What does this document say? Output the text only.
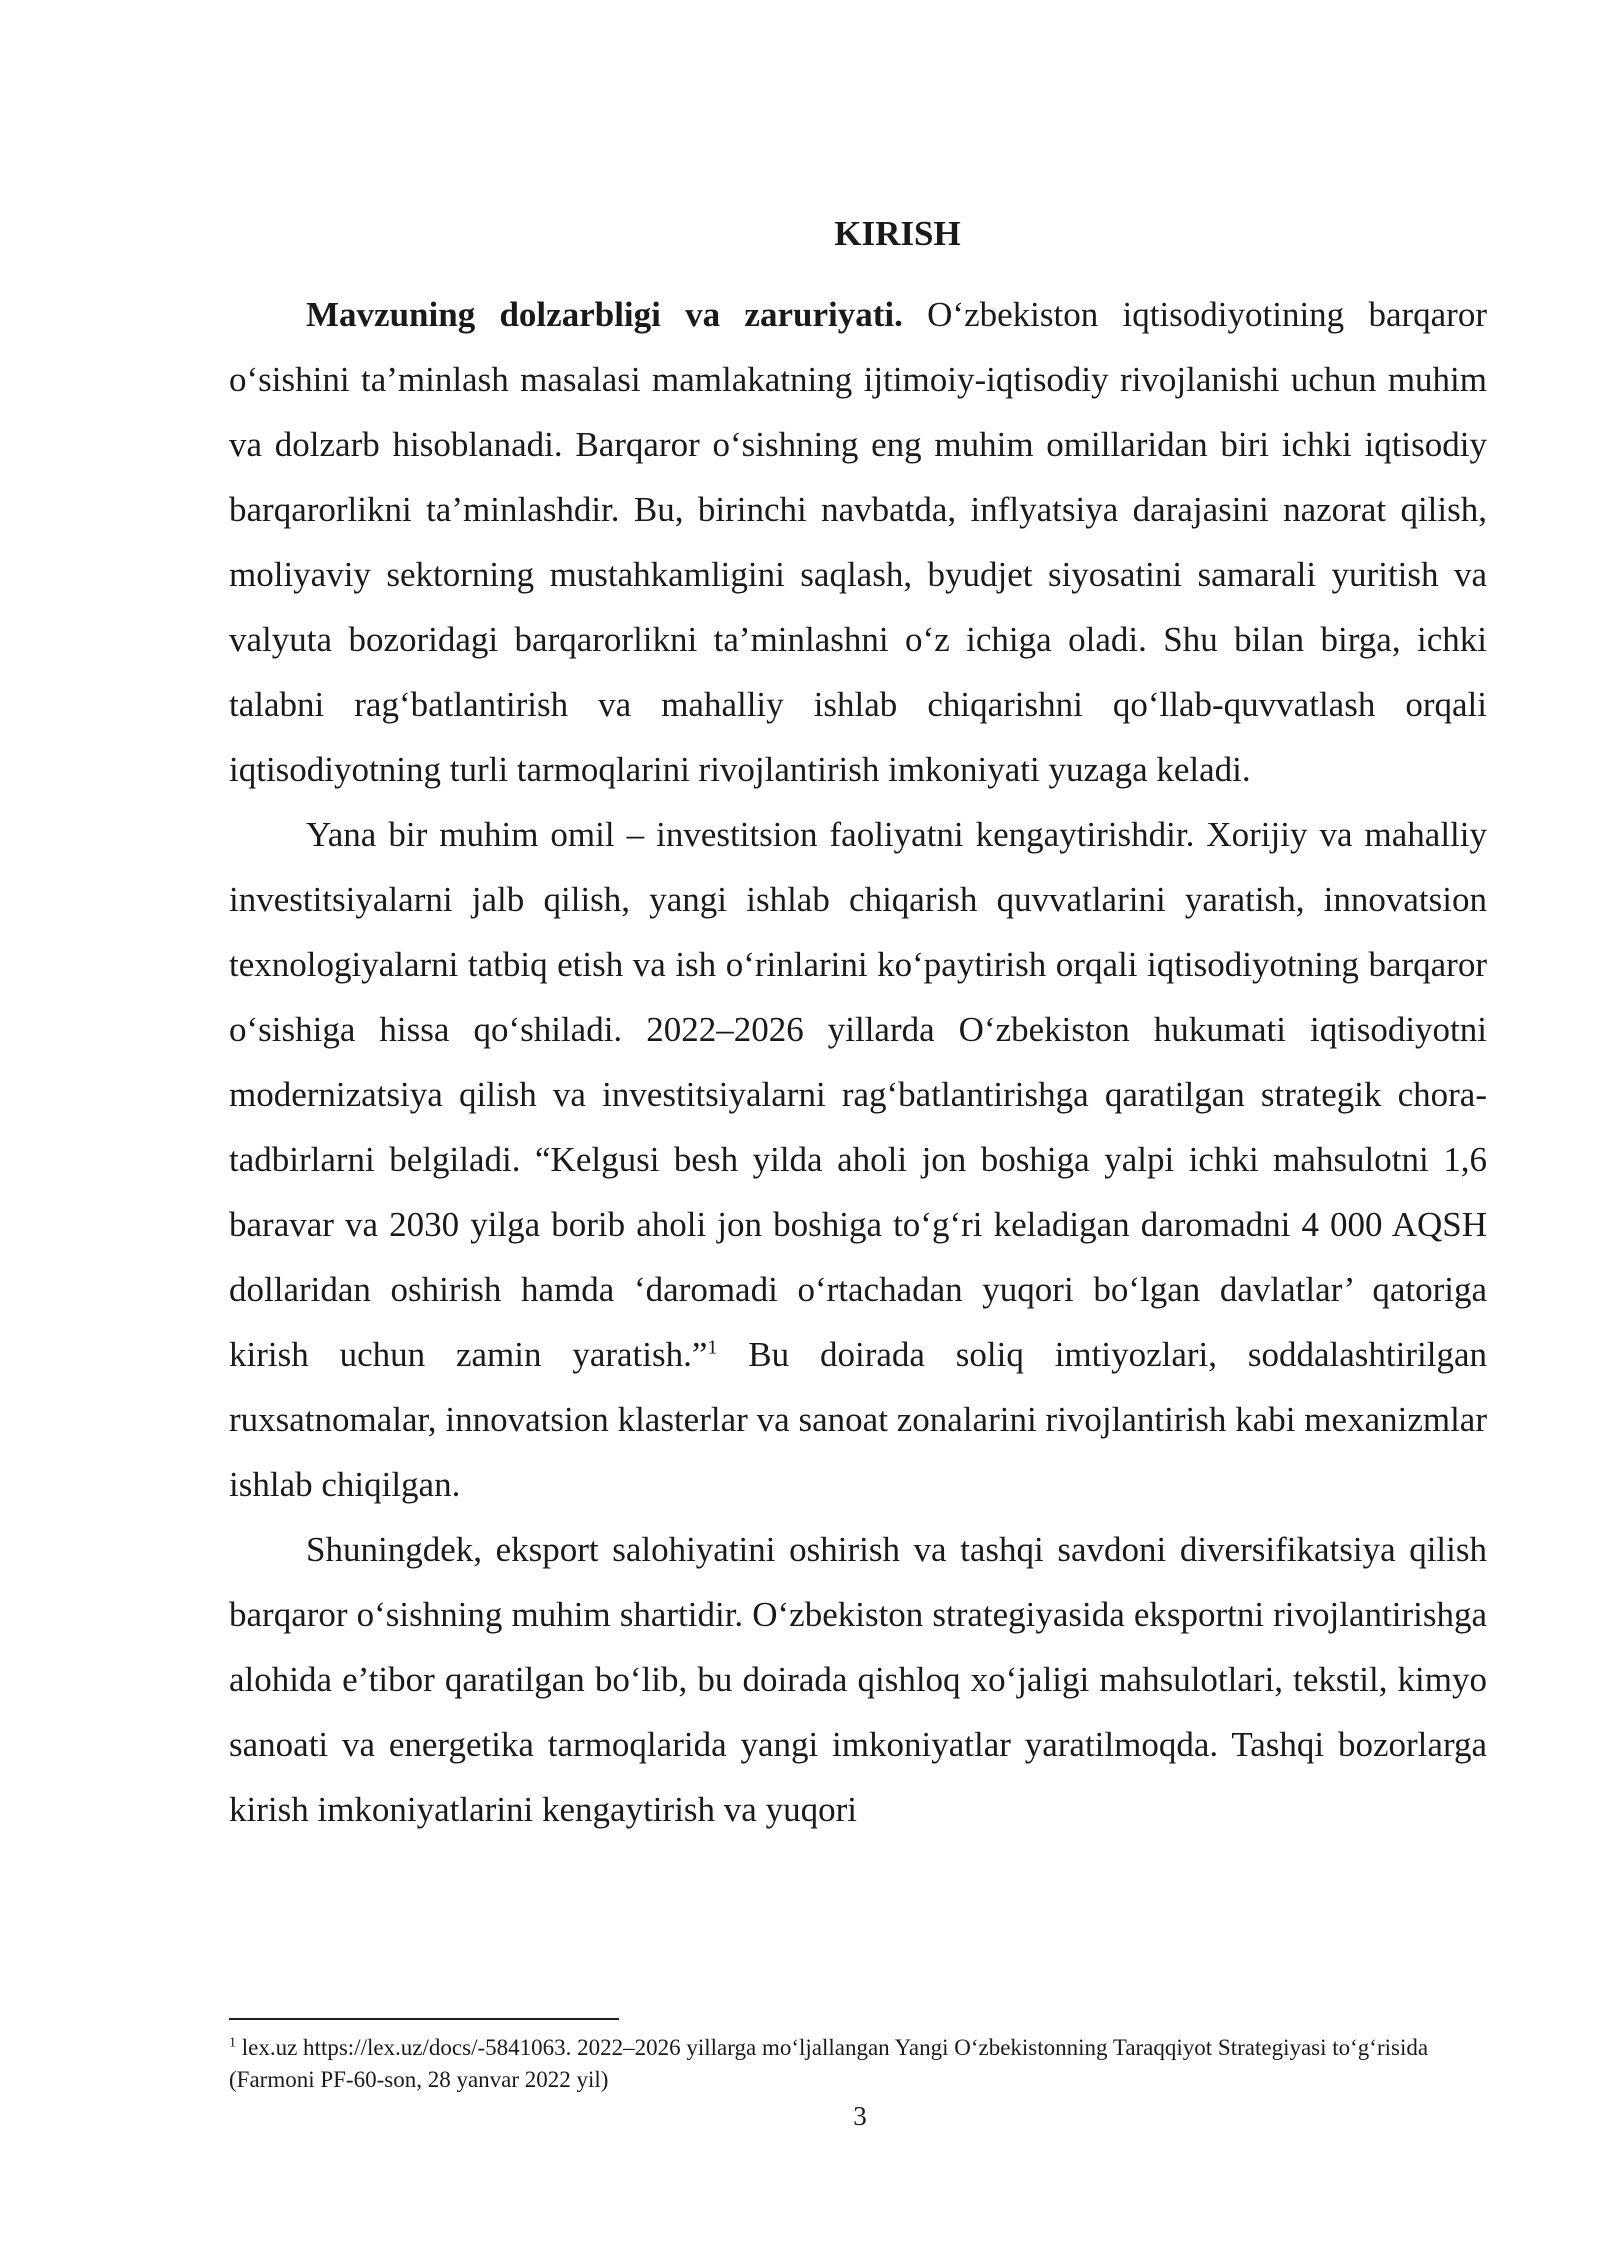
KIRISH

Mavzuning dolzarbligi va zaruriyati. O‘zbekiston iqtisodiyotining barqaror o‘sishini ta’minlash masalasi mamlakatning ijtimoiy-iqtisodiy rivojlanishi uchun muhim va dolzarb hisoblanadi. Barqaror o‘sishning eng muhim omillaridan biri ichki iqtisodiy barqarorlikni ta’minlashdir. Bu, birinchi navbatda, inflyatsiya darajasini nazorat qilish, moliyaviy sektorning mustahkamligini saqlash, byudjet siyosatini samarali yuritish va valyuta bozoridagi barqarorlikni ta’minlashni o‘z ichiga oladi. Shu bilan birga, ichki talabni rag‘batlantirish va mahalliy ishlab chiqarishni qo‘llab-quvvatlash orqali iqtisodiyotning turli tarmoqlarini rivojlantirish imkoniyati yuzaga keladi.

Yana bir muhim omil – investitsion faoliyatni kengaytirishdir. Xorijiy va mahalliy investitsiyalarni jalb qilish, yangi ishlab chiqarish quvvatlarini yaratish, innovatsion texnologiyalarni tatbiq etish va ish o‘rinlarini ko‘paytirish orqali iqtisodiyotning barqaror o‘sishiga hissa qo‘shiladi. 2022–2026 yillarda O‘zbekiston hukumati iqtisodiyotni modernizatsiya qilish va investitsiyalarni rag‘batlantirishga qaratilgan strategik chora-tadbirlarni belgiladi. “Kelgusi besh yilda aholi jon boshiga yalpi ichki mahsulotni 1,6 baravar va 2030 yilga borib aholi jon boshiga to‘g‘ri keladigan daromadni 4 000 AQSH dollaridan oshirish hamda ‘daromadi o‘rtachadan yuqori bo‘lgan davlatlar’ qatoriga kirish uchun zamin yaratish.”$^1$ Bu doirada soliq imtiyozlari, soddalashtirilgan ruxsatnomalar, innovatsion klasterlar va sanoat zonalarini rivojlantirish kabi mexanizmlar ishlab chiqilgan.

Shuningdek, eksport salohiyatini oshirish va tashqi savdoni diversifikatsiya qilish barqaror o‘sishning muhim shartidir. O‘zbekiston strategiyasida eksportni rivojlantirishga alohida e’tibor qaratilgan bo‘lib, bu doirada qishloq xo‘jaligi mahsulotlari, tekstil, kimyo sanoati va energetika tarmoqlarida yangi imkoniyatlar yaratilmoqda. Tashqi bozorlarga kirish imkoniyatlarini kengaytirish va yuqori

$^1$ lex.uz https://lex.uz/docs/-5841063. 2022–2026 yillarga mo‘ljallangan Yangi O‘zbekistonning Taraqqiyot Strategiyasi to‘g‘risida (Farmoni PF-60-son, 28 yanvar 2022 yil)
3
